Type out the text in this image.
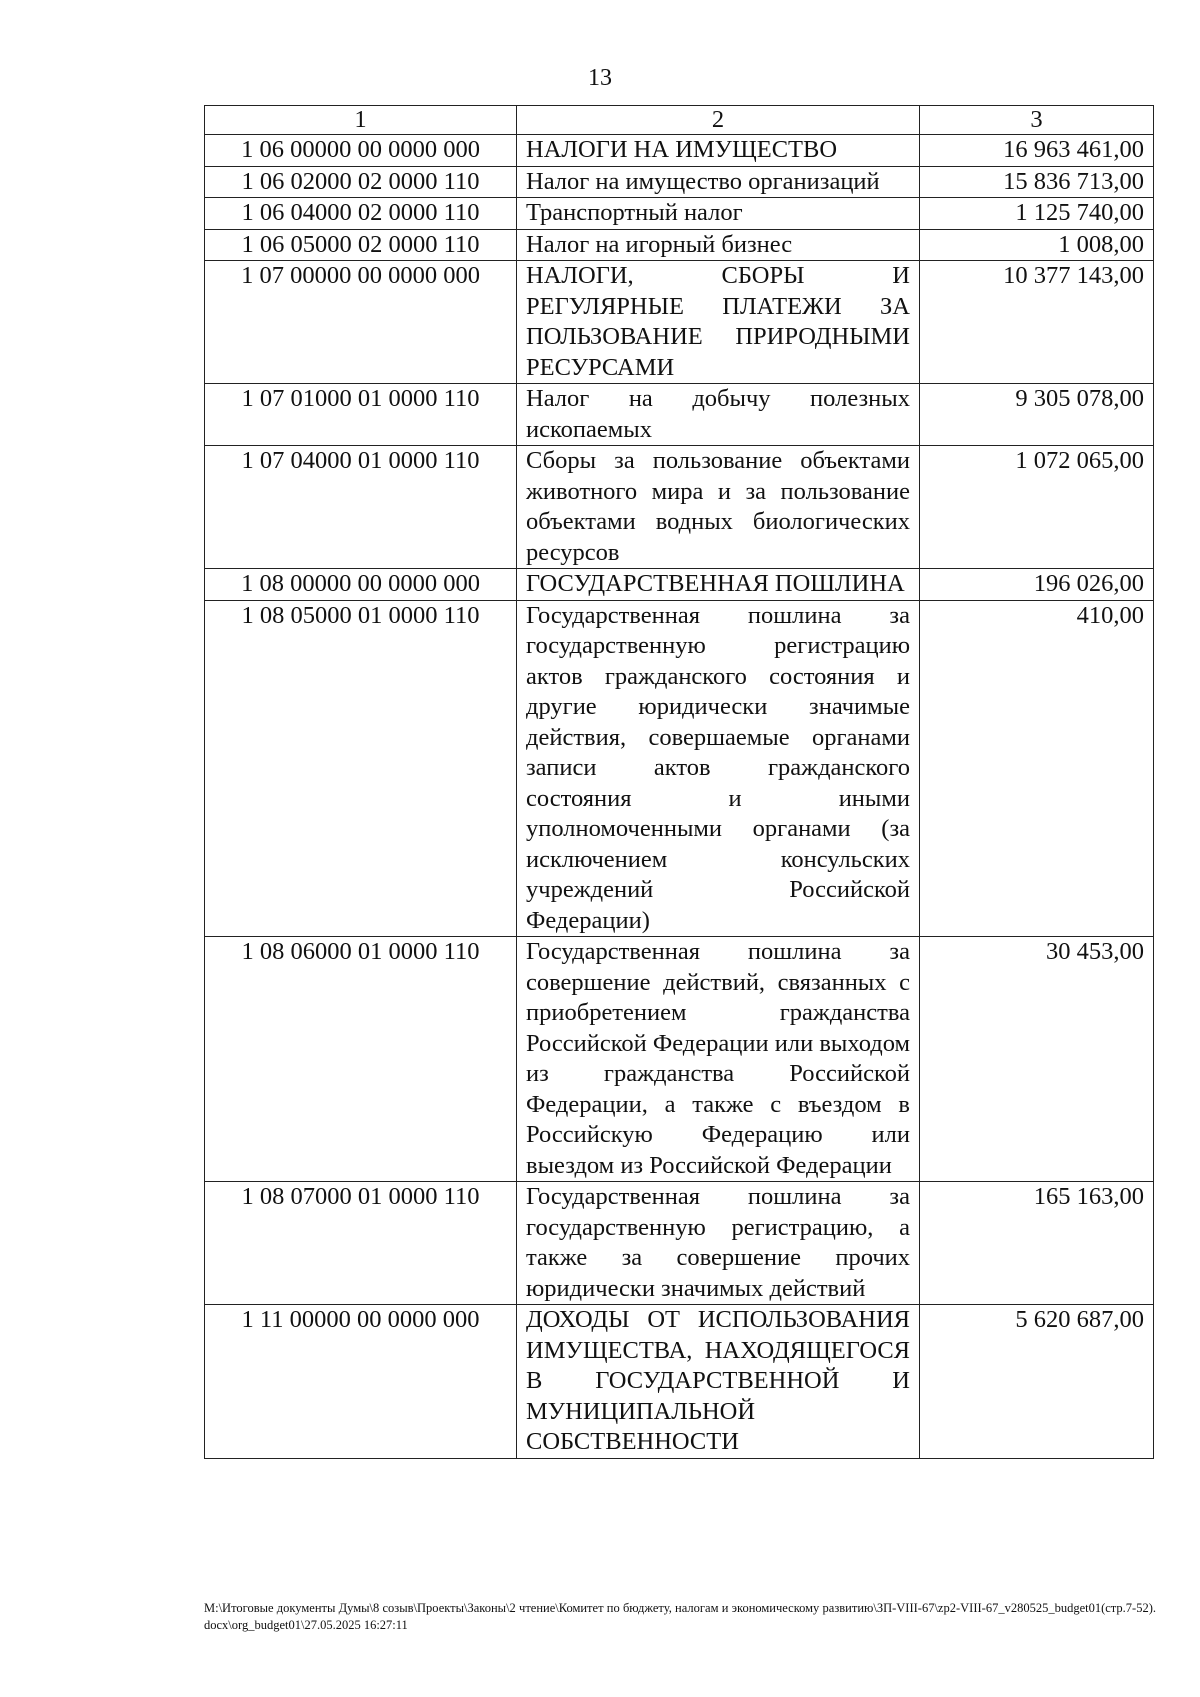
13
1	2	3
1 06 00000 00 0000 000	НАЛОГИ НА ИМУЩЕСТВО	16 963 461,00
1 06 02000 02 0000 110	Налог на имущество организаций	15 836 713,00
1 06 04000 02 0000 110	Транспортный налог	1 125 740,00
1 06 05000 02 0000 110	Налог на игорный бизнес	1 008,00
1 07 00000 00 0000 000	НАЛОГИ, СБОРЫ И РЕГУЛЯРНЫЕ ПЛАТЕЖИ ЗА ПОЛЬЗОВАНИЕ ПРИРОДНЫМИ РЕСУРСАМИ	10 377 143,00
1 07 01000 01 0000 110	Налог на добычу полезных ископаемых	9 305 078,00
1 07 04000 01 0000 110	Сборы за пользование объектами животного мира и за пользование объектами водных биологических ресурсов	1 072 065,00
1 08 00000 00 0000 000	ГОСУДАРСТВЕННАЯ ПОШЛИНА	196 026,00
1 08 05000 01 0000 110	Государственная пошлина за государственную регистрацию актов гражданского состояния и другие юридически значимые действия, совершаемые органами записи актов гражданского состояния и иными уполномоченными органами (за исключением консульских учреждений Российской Федерации)	410,00
1 08 06000 01 0000 110	Государственная пошлина за совершение действий, связанных с приобретением гражданства Российской Федерации или выходом из гражданства Российской Федерации, а также с въездом в Российскую Федерацию или выездом из Российской Федерации	30 453,00
1 08 07000 01 0000 110	Государственная пошлина за государственную регистрацию, а также за совершение прочих юридически значимых действий	165 163,00
1 11 00000 00 0000 000	ДОХОДЫ ОТ ИСПОЛЬЗОВАНИЯ ИМУЩЕСТВА, НАХОДЯЩЕГОСЯ В ГОСУДАРСТВЕННОЙ И МУНИЦИПАЛЬНОЙ СОБСТВЕННОСТИ	5 620 687,00
M:\Итоговые документы Думы\8 созыв\Проекты\Законы\2 чтение\Комитет по бюджету, налогам и экономическому развитию\ЗП-VIII-67\zp2-VIII-67_v280525_budget01(стр.7-52).docx\org_budget01\27.05.2025 16:27:11
